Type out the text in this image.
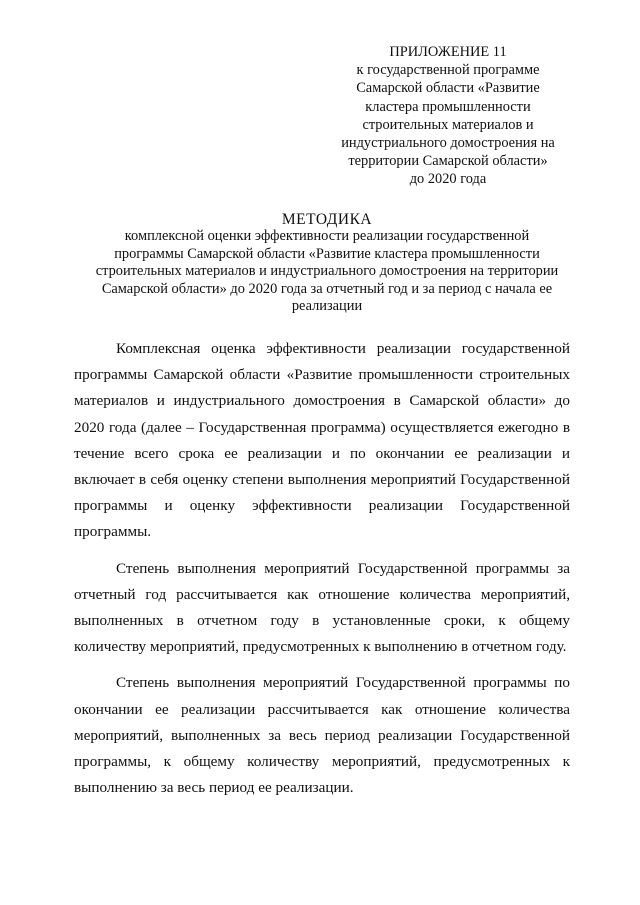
ПРИЛОЖЕНИЕ 11
к государственной программе
Самарской области «Развитие
кластера промышленности
строительных материалов и
индустриального домостроения на
территории Самарской области»
до 2020 года
МЕТОДИКА
комплексной оценки эффективности реализации государственной
программы Самарской области «Развитие кластера промышленности
строительных материалов и индустриального домостроения на территории
Самарской области» до 2020 года за отчетный год и за период с начала ее
реализации

Комплексная оценка эффективности реализации государственной программы Самарской области «Развитие промышленности строительных материалов и индустриального домостроения в Самарской области» до 2020 года (далее – Государственная программа) осуществляется ежегодно в течение всего срока ее реализации и по окончании ее реализации и включает в себя оценку степени выполнения мероприятий Государственной программы и оценку эффективности реализации Государственной программы.

Степень выполнения мероприятий Государственной программы за отчетный год рассчитывается как отношение количества мероприятий, выполненных в отчетном году в установленные сроки, к общему количеству мероприятий, предусмотренных к выполнению в отчетном году.

Степень выполнения мероприятий Государственной программы по окончании ее реализации рассчитывается как отношение количества мероприятий, выполненных за весь период реализации Государственной программы, к общему количеству мероприятий, предусмотренных к выполнению за весь период ее реализации.
